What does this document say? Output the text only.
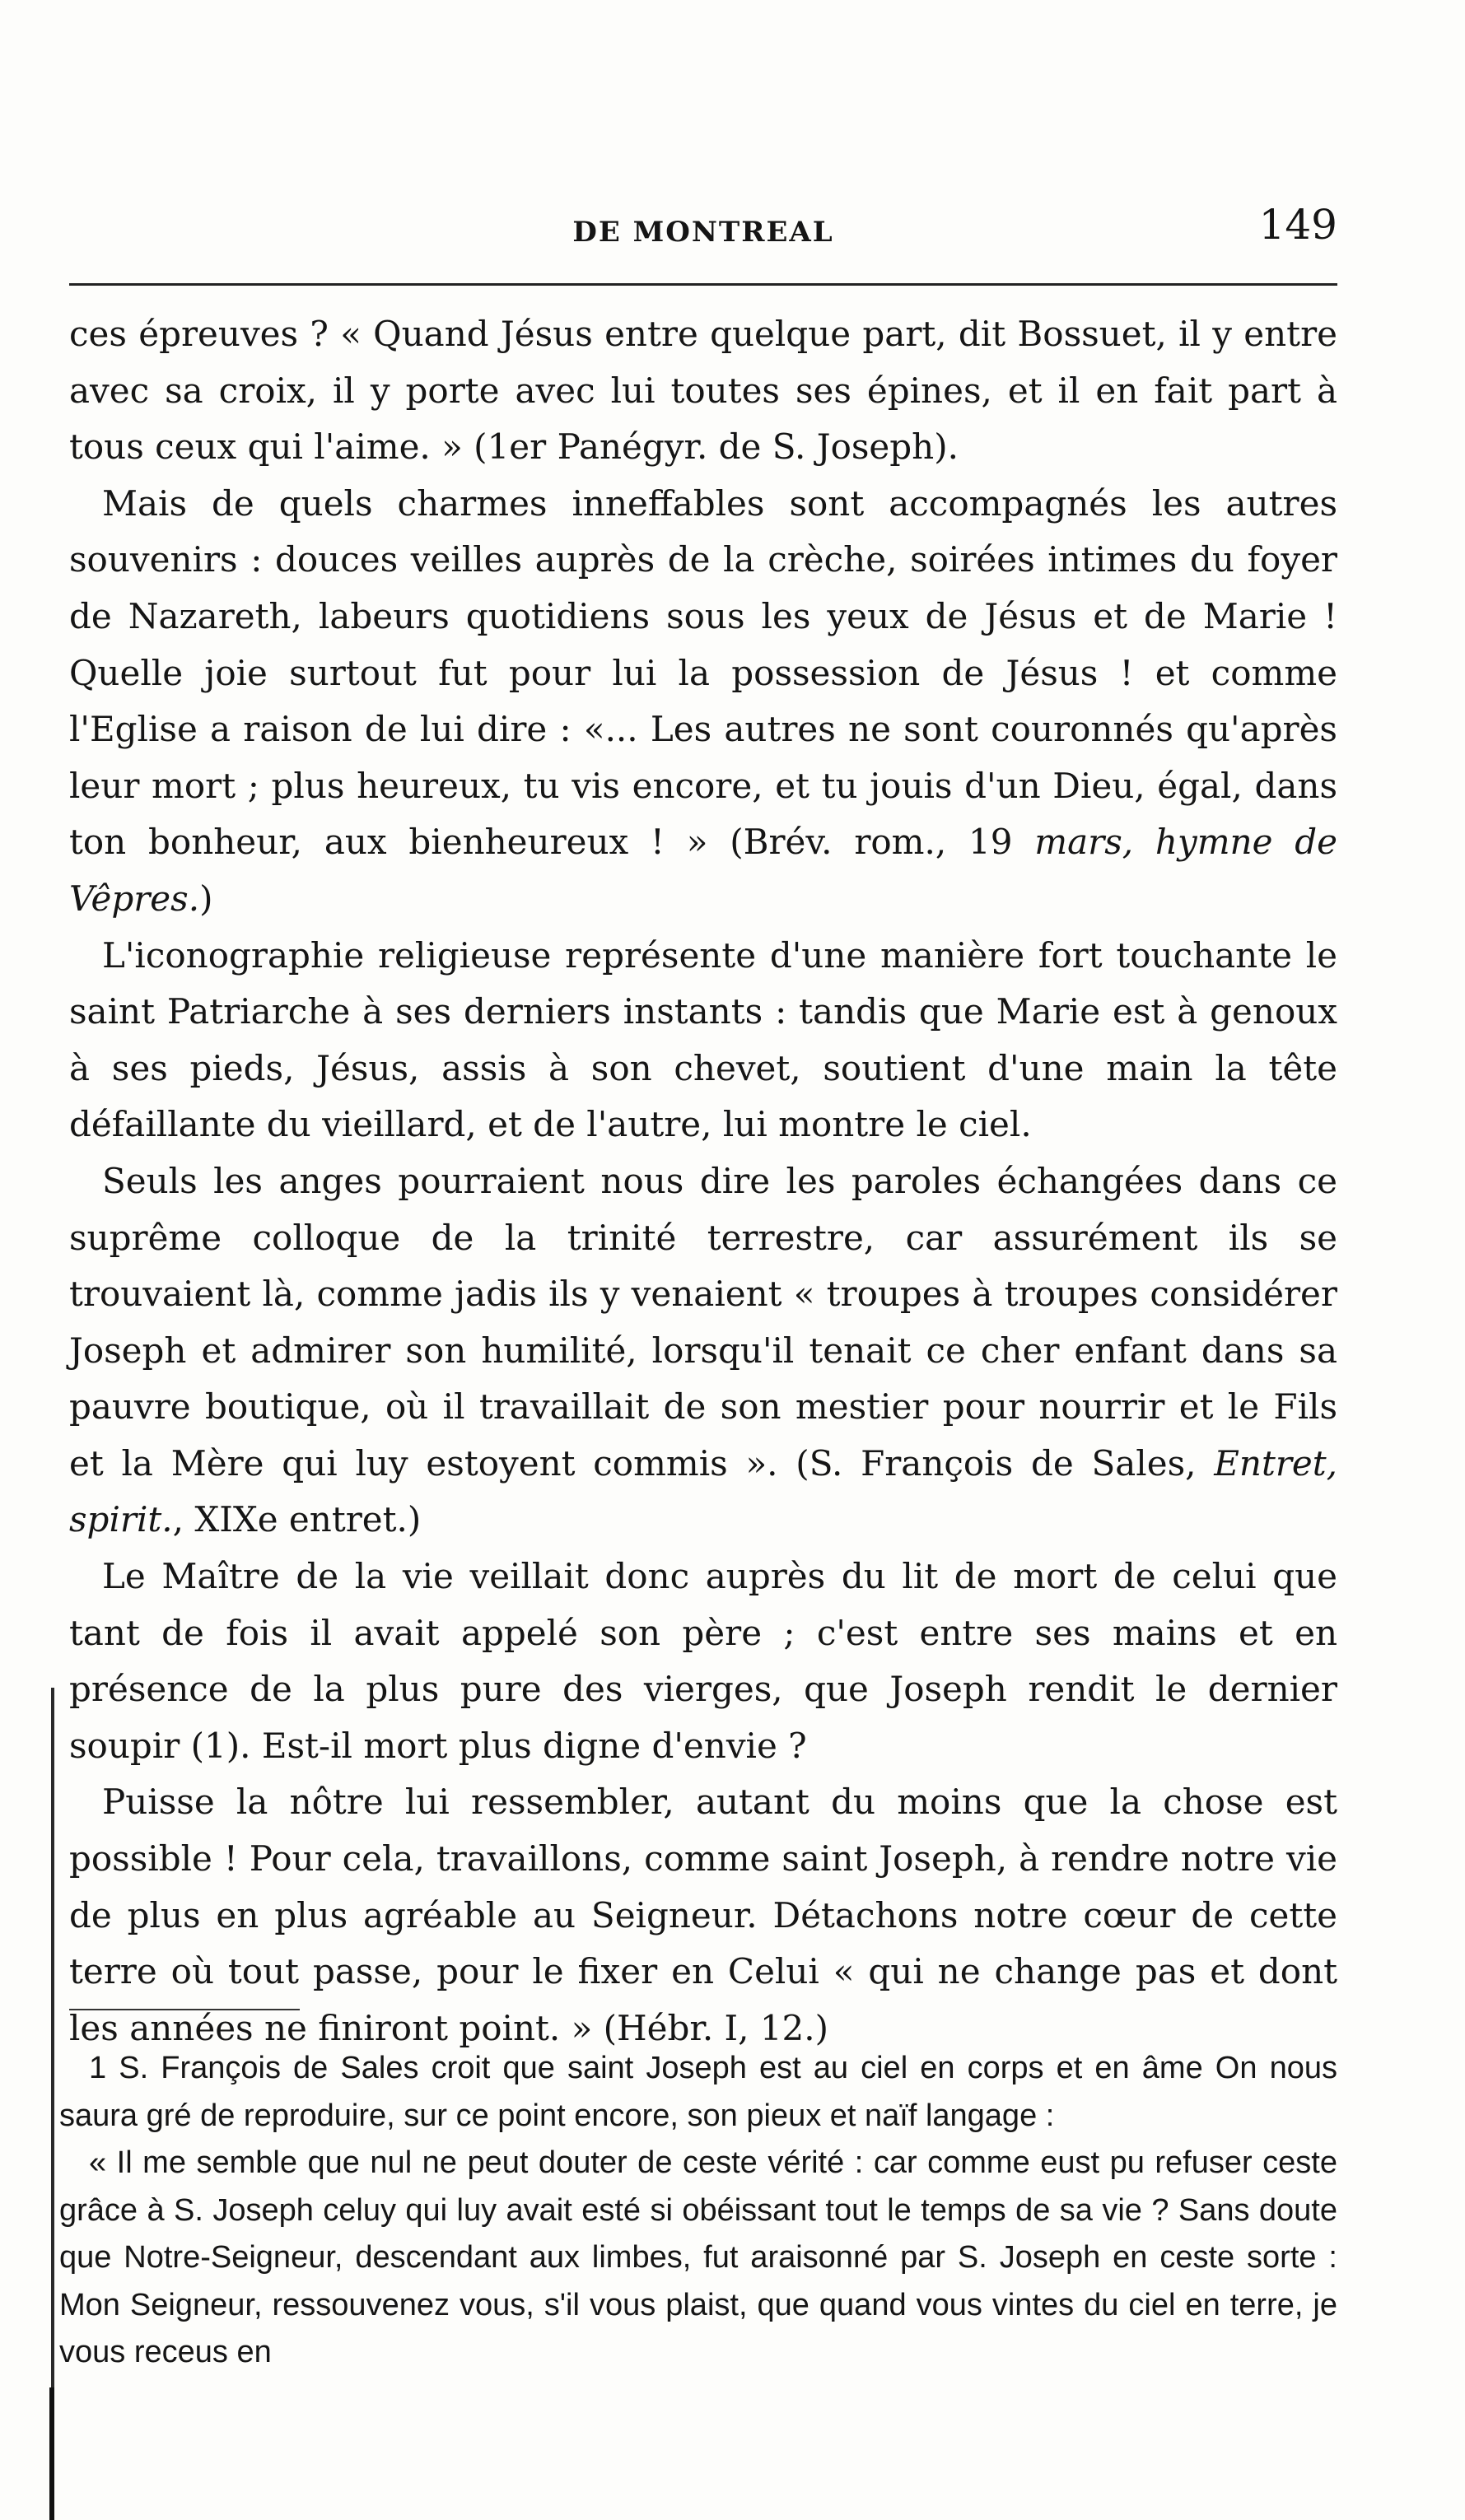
DE MONTREAL	149

ces épreuves ? « Quand Jésus entre quelque part, dit Bossuet, il y entre avec sa croix, il y porte avec lui toutes ses épines, et il en fait part à tous ceux qui l'aime. » (1er Panégyr. de S. Joseph).

Mais de quels charmes inneffables sont accompagnés les autres souvenirs : douces veilles auprès de la crèche, soirées intimes du foyer de Nazareth, labeurs quotidiens sous les yeux de Jésus et de Marie ! Quelle joie surtout fut pour lui la possession de Jésus ! et comme l'Eglise a raison de lui dire : «... Les autres ne sont couronnés qu'après leur mort ; plus heureux, tu vis encore, et tu jouis d'un Dieu, égal, dans ton bonheur, aux bienheureux ! » (Brév. rom., 19 mars, hymne de Vêpres.)

L'iconographie religieuse représente d'une manière fort touchante le saint Patriarche à ses derniers instants : tandis que Marie est à genoux à ses pieds, Jésus, assis à son chevet, soutient d'une main la tête défaillante du vieillard, et de l'autre, lui montre le ciel.

Seuls les anges pourraient nous dire les paroles échangées dans ce suprême colloque de la trinité terrestre, car assurément ils se trouvaient là, comme jadis ils y venaient « troupes à troupes considérer Joseph et admirer son humilité, lorsqu'il tenait ce cher enfant dans sa pauvre boutique, où il travaillait de son mestier pour nourrir et le Fils et la Mère qui luy estoyent commis ». (S. François de Sales, Entret, spirit., XIXe entret.)

Le Maître de la vie veillait donc auprès du lit de mort de celui que tant de fois il avait appelé son père ; c'est entre ses mains et en présence de la plus pure des vierges, que Joseph rendit le dernier soupir (1). Est-il mort plus digne d'envie ?

Puisse la nôtre lui ressembler, autant du moins que la chose est possible ! Pour cela, travaillons, comme saint Joseph, à rendre notre vie de plus en plus agréable au Seigneur. Détachons notre cœur de cette terre où tout passe, pour le fixer en Celui « qui ne change pas et dont les années ne finiront point. » (Hébr. I, 12.)

1 S. François de Sales croit que saint Joseph est au ciel en corps et en âme On nous saura gré de reproduire, sur ce point encore, son pieux et naïf langage :

« Il me semble que nul ne peut douter de ceste vérité : car comme eust pu refuser ceste grâce à S. Joseph celuy qui luy avait esté si obéissant tout le temps de sa vie ? Sans doute que Notre-Seigneur, descendant aux limbes, fut araisonné par S. Joseph en ceste sorte : Mon Seigneur, ressouvenez vous, s'il vous plaist, que quand vous vintes du ciel en terre, je vous receus en
